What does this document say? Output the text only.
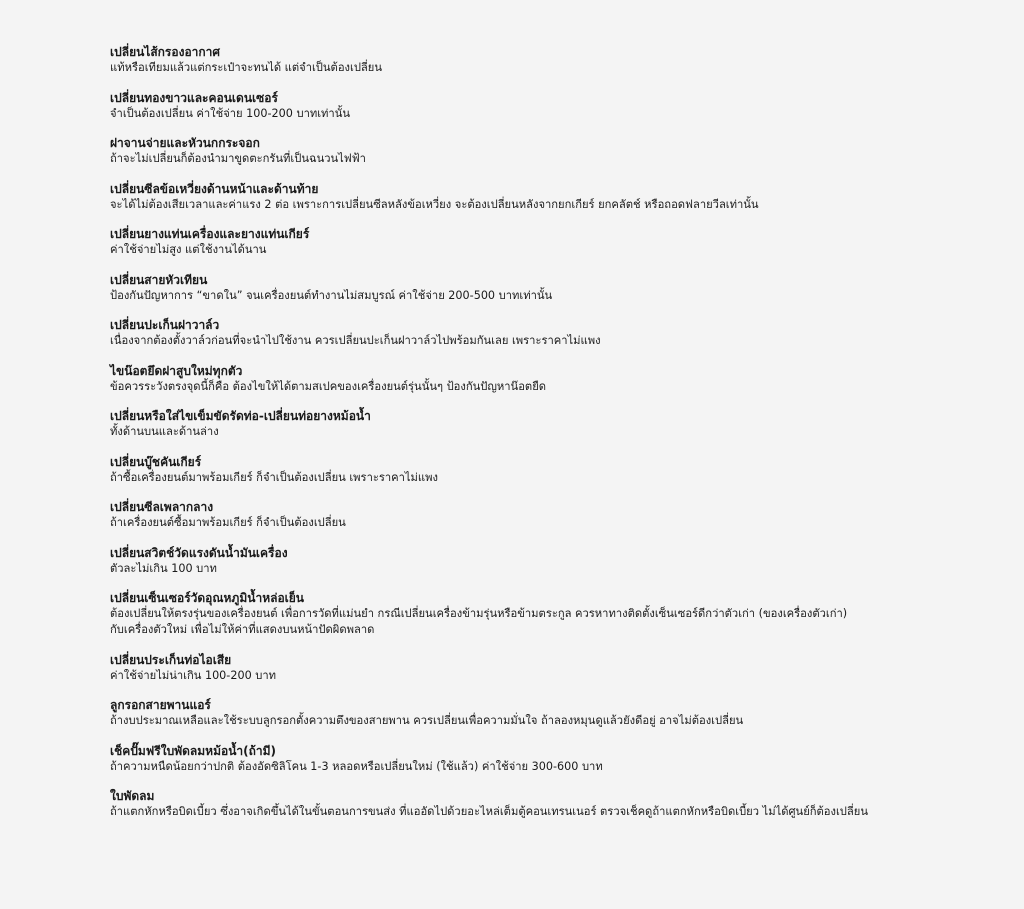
เปลี่ยนไส้กรองอากาศ

แท้หรือเทียมแล้วแต่กระเป๋าจะทนได้ แต่จำเป็นต้องเปลี่ยน

เปลี่ยนทองขาวและคอนเดนเซอร์

จำเป็นต้องเปลี่ยน ค่าใช้จ่าย 100-200 บาทเท่านั้น

ฝาจานจ่ายและหัวนกกระจอก

ถ้าจะไม่เปลี่ยนก็ต้องนำมาขูดตะกรันที่เป็นฉนวนไฟฟ้า

เปลี่ยนซีลข้อเหวี่ยงด้านหน้าและด้านท้าย

จะได้ไม่ต้องเสียเวลาและค่าแรง 2 ต่อ เพราะการเปลี่ยนซีลหลังข้อเหวี่ยง จะต้องเปลี่ยนหลังจากยกเกียร์ ยกคลัตช์ หรือถอดฟลายวีลเท่านั้น

เปลี่ยนยางแท่นเครื่องและยางแท่นเกียร์

ค่าใช้จ่ายไม่สูง แต่ใช้งานได้นาน

เปลี่ยนสายหัวเทียน

ป้องกันปัญหาการ “ขาดใน” จนเครื่องยนต์ทำงานไม่สมบูรณ์ ค่าใช้จ่าย 200-500 บาทเท่านั้น

เปลี่ยนปะเก็นฝาวาล์ว

เนื่องจากต้องตั้งวาล์วก่อนที่จะนำไปใช้งาน ควรเปลี่ยนปะเก็นฝาวาล์วไปพร้อมกันเลย เพราะราคาไม่แพง

ไขน๊อตยึดฝาสูบใหม่ทุกตัว

ข้อควรระวังตรงจุดนี้ก็คือ ต้องไขให้ได้ตามสเปคของเครื่องยนต์รุ่นนั้นๆ ป้องกันปัญหาน๊อตยืด

เปลี่ยนหรือใส่ไขเข็มขัดรัดท่อ-เปลี่ยนท่อยางหม้อน้ำ

ทั้งด้านบนและด้านล่าง

เปลี่ยนบู๊ชคันเกียร์

ถ้าซื้อเครื่องยนต์มาพร้อมเกียร์ ก็จำเป็นต้องเปลี่ยน เพราะราคาไม่แพง

เปลี่ยนซีลเพลากลาง

ถ้าเครื่องยนต์ซื้อมาพร้อมเกียร์ ก็จำเป็นต้องเปลี่ยน

เปลี่ยนสวิตช์วัดแรงดันน้ำมันเครื่อง

ตัวละไม่เกิน 100 บาท

เปลี่ยนเซ็นเซอร์วัดอุณหภูมิน้ำหล่อเย็น

ต้องเปลี่ยนให้ตรงรุ่นของเครื่องยนต์ เพื่อการวัดที่แม่นยำ กรณีเปลี่ยนเครื่องข้ามรุ่นหรือข้ามตระกูล ควรหาทางติดตั้งเซ็นเซอร์ดีกว่าตัวเก่า (ของเครื่องตัวเก่า)

กับเครื่องตัวใหม่ เพื่อไม่ให้ค่าที่แสดงบนหน้าปัดผิดพลาด

เปลี่ยนประเก็นท่อไอเสีย

ค่าใช้จ่ายไม่น่าเกิน 100-200 บาท

ลูกรอกสายพานแอร์

ถ้างบประมาณเหลือและใช้ระบบลูกรอกตั้งความตึงของสายพาน ควรเปลี่ยนเพื่อความมั่นใจ ถ้าลองหมุนดูแล้วยังดีอยู่ อาจไม่ต้องเปลี่ยน

เช็คปั๊มฟรีใบพัดลมหม้อน้ำ(ถ้ามี)

ถ้าความหนืดน้อยกว่าปกติ ต้องอัดซิลิโคน 1-3 หลอดหรือเปลี่ยนใหม่ (ใช้แล้ว) ค่าใช้จ่าย 300-600 บาท

ใบพัดลม

ถ้าแตกหักหรือบิดเบี้ยว ซึ่งอาจเกิดขึ้นได้ในขั้นตอนการขนส่ง ที่แออัดไปด้วยอะไหล่เต็มตู้คอนเทรนเนอร์ ตรวจเช็คดูถ้าแตกหักหรือบิดเบี้ยว ไม่ได้ศูนย์ก็ต้องเปลี่ยน
